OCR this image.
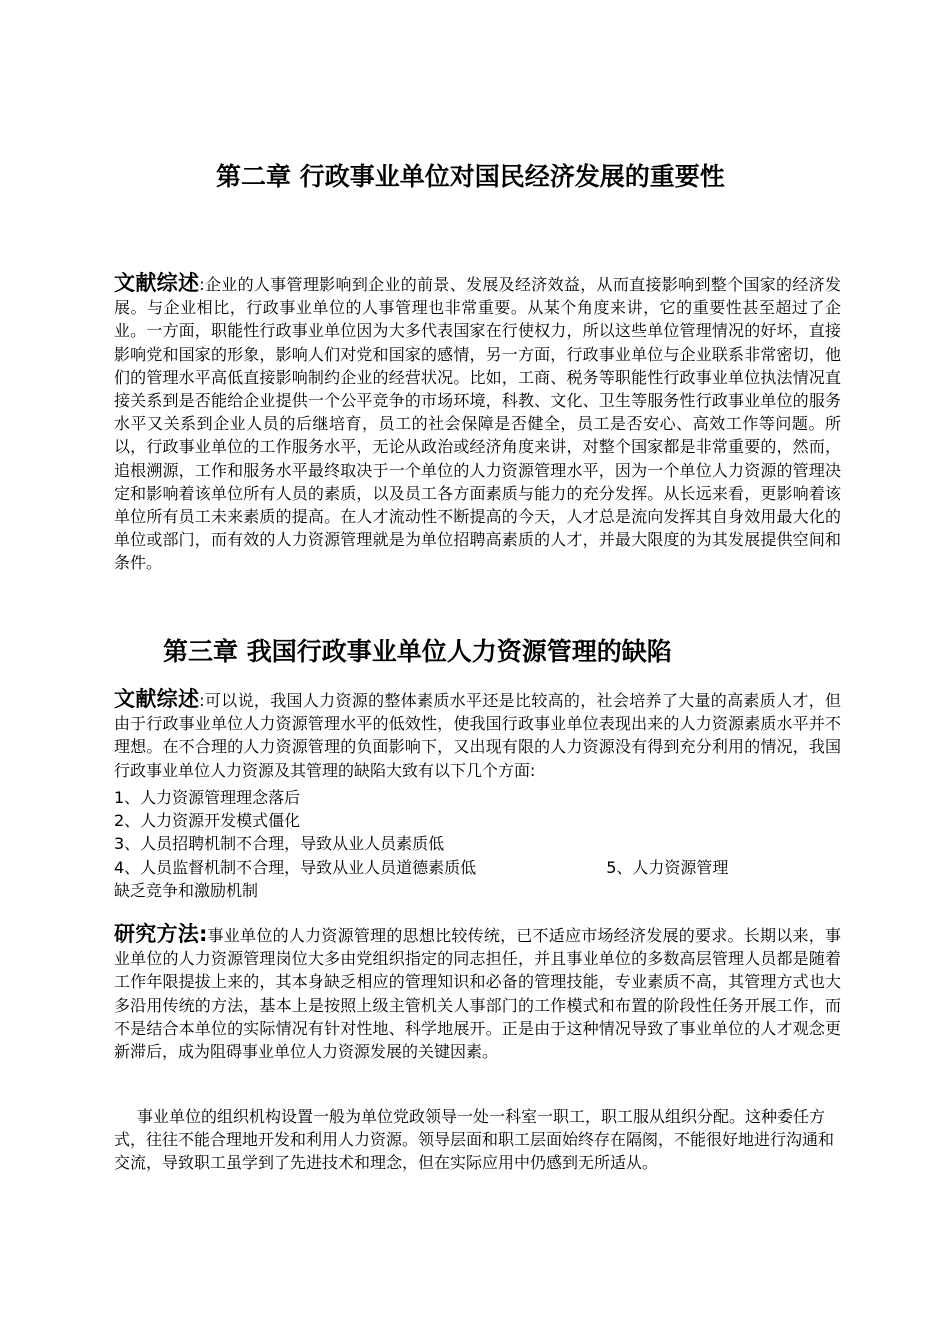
第二章 行政事业单位对国民经济发展的重要性

文献综述:企业的人事管理影响到企业的前景、发展及经济效益，从而直接影响到整个国家的经济发展。与企业相比，行政事业单位的人事管理也非常重要。从某个角度来讲，它的重要性甚至超过了企业。一方面，职能性行政事业单位因为大多代表国家在行使权力，所以这些单位管理情况的好坏，直接影响党和国家的形象，影响人们对党和国家的感情，另一方面，行政事业单位与企业联系非常密切，他们的管理水平高低直接影响制约企业的经营状况。比如，工商、税务等职能性行政事业单位执法情况直接关系到是否能给企业提供一个公平竞争的市场环境，科教、文化、卫生等服务性行政事业单位的服务水平又关系到企业人员的后继培育，员工的社会保障是否健全，员工是否安心、高效工作等问题。所以，行政事业单位的工作服务水平，无论从政治或经济角度来讲，对整个国家都是非常重要的，然而，追根溯源，工作和服务水平最终取决于一个单位的人力资源管理水平，因为一个单位人力资源的管理决定和影响着该单位所有人员的素质，以及员工各方面素质与能力的充分发挥。从长远来看，更影响着该单位所有员工未来素质的提高。在人才流动性不断提高的今天，人才总是流向发挥其自身效用最大化的单位或部门，而有效的人力资源管理就是为单位招聘高素质的人才，并最大限度的为其发展提供空间和条件。

第三章 我国行政事业单位人力资源管理的缺陷

文献综述:可以说，我国人力资源的整体素质水平还是比较高的，社会培养了大量的高素质人才，但由于行政事业单位人力资源管理水平的低效性，使我国行政事业单位表现出来的人力资源素质水平并不理想。在不合理的人力资源管理的负面影响下，又出现有限的人力资源没有得到充分利用的情况，我国行政事业单位人力资源及其管理的缺陷大致有以下几个方面:

1、人力资源管理理念落后
2、人力资源开发模式僵化
3、人员招聘机制不合理，导致从业人员素质低
4、人员监督机制不合理，导致从业人员道德素质低	5、人力资源管理
缺乏竞争和激励机制

研究方法:事业单位的人力资源管理的思想比较传统，已不适应市场经济发展的要求。长期以来，事业单位的人力资源管理岗位大多由党组织指定的同志担任，并且事业单位的多数高层管理人员都是随着工作年限提拔上来的，其本身缺乏相应的管理知识和必备的管理技能，专业素质不高，其管理方式也大多沿用传统的方法，基本上是按照上级主管机关人事部门的工作模式和布置的阶段性任务开展工作，而不是结合本单位的实际情况有针对性地、科学地展开。正是由于这种情况导致了事业单位的人才观念更新滞后，成为阻碍事业单位人力资源发展的关键因素。

事业单位的组织机构设置一般为单位党政领导一处一科室一职工，职工服从组织分配。这种委任方式，往往不能合理地开发和利用人力资源。领导层面和职工层面始终存在隔阂，不能很好地进行沟通和交流，导致职工虽学到了先进技术和理念，但在实际应用中仍感到无所适从。
